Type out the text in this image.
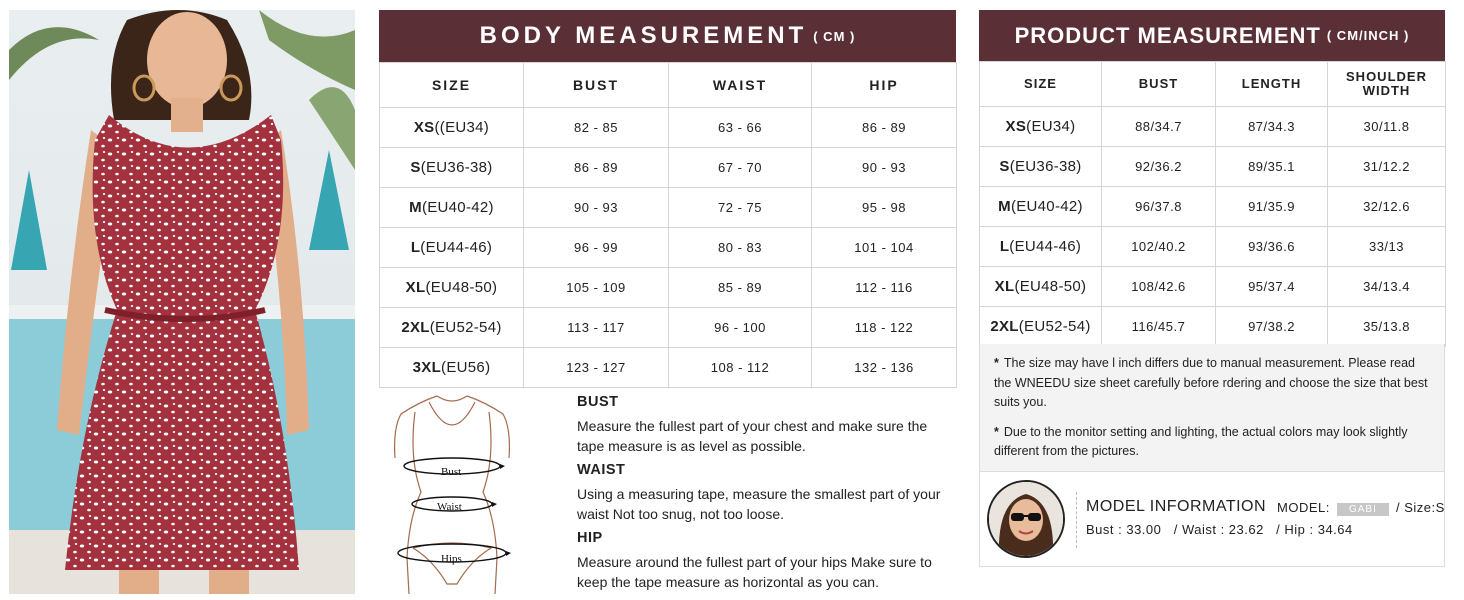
BODY MEASUREMENT ( CM )
SIZE	BUST	WAIST	HIP
XS((EU34)	82 - 85	63 - 66	86 - 89
S(EU36-38)	86 - 89	67 - 70	90 - 93
M(EU40-42)	90 - 93	72 - 75	95 - 98
L(EU44-46)	96 - 99	80 - 83	101 - 104
XL(EU48-50)	105 - 109	85 - 89	112 - 116
2XL(EU52-54)	113 - 117	96 - 100	118 - 122
3XL(EU56)	123 - 127	108 - 112	132 - 136
Bust
Waist
Hips
BUST

Measure the fullest part of your chest and make sure the tape measure is as level as possible.

WAIST

Using a measuring tape, measure the smallest part of your waist Not too snug, not too loose.

HIP

Measure around the fullest part of your hips Make sure to keep the tape measure as horizontal as you can.

PRODUCT MEASUREMENT ( CM/INCH )
SIZE	BUST	LENGTH	SHOULDER WIDTH
XS(EU34)	88/34.7	87/34.3	30/11.8
S(EU36-38)	92/36.2	89/35.1	31/12.2
M(EU40-42)	96/37.8	91/35.9	32/12.6
L(EU44-46)	102/40.2	93/36.6	33/13
XL(EU48-50)	108/42.6	95/37.4	34/13.4
2XL(EU52-54)	116/45.7	97/38.2	35/13.8

* The size may have l inch differs due to manual measurement. Please read the WNEEDU size sheet carefully before rdering and choose the size that best suits you.

* Due to the monitor setting and lighting, the actual colors may look slightly different from the pictures.

MODEL INFORMATION MODEL: GABI / Size:S
Bust : 33.00   / Waist : 23.62   / Hip : 34.64
